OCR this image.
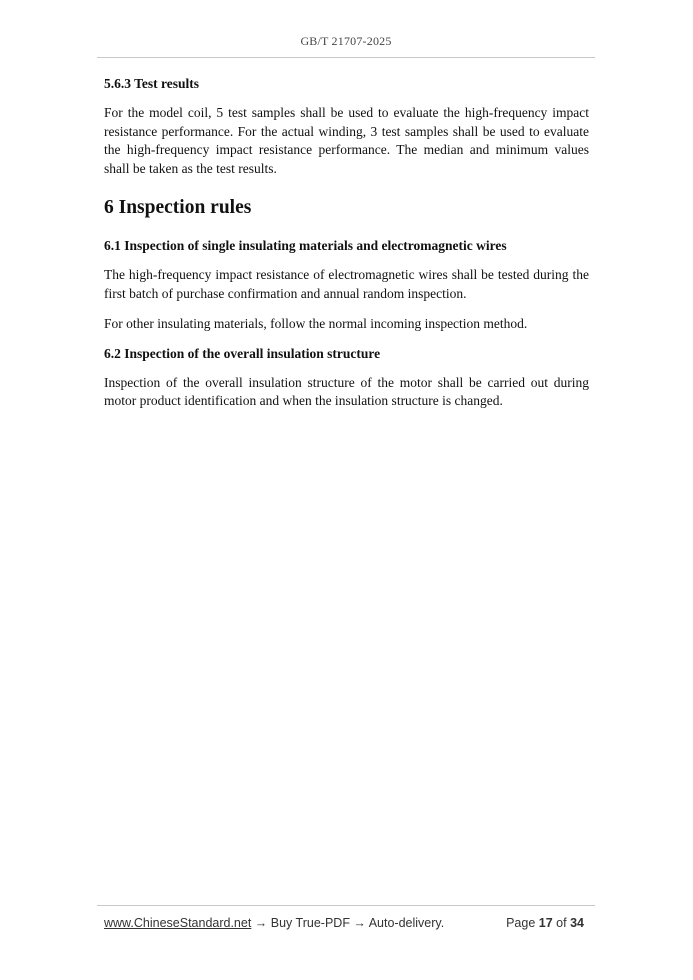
GB/T 21707-2025
5.6.3 Test results

For the model coil, 5 test samples shall be used to evaluate the high-frequency impact resistance performance. For the actual winding, 3 test samples shall be used to evaluate the high-frequency impact resistance performance. The median and minimum values shall be taken as the test results.

6 Inspection rules
6.1 Inspection of single insulating materials and electromagnetic wires

The high-frequency impact resistance of electromagnetic wires shall be tested during the first batch of purchase confirmation and annual random inspection.

For other insulating materials, follow the normal incoming inspection method.

6.2 Inspection of the overall insulation structure

Inspection of the overall insulation structure of the motor shall be carried out during motor product identification and when the insulation structure is changed.

www.ChineseStandard.net → Buy True-PDF → Auto-delivery.	Page 17 of 34
